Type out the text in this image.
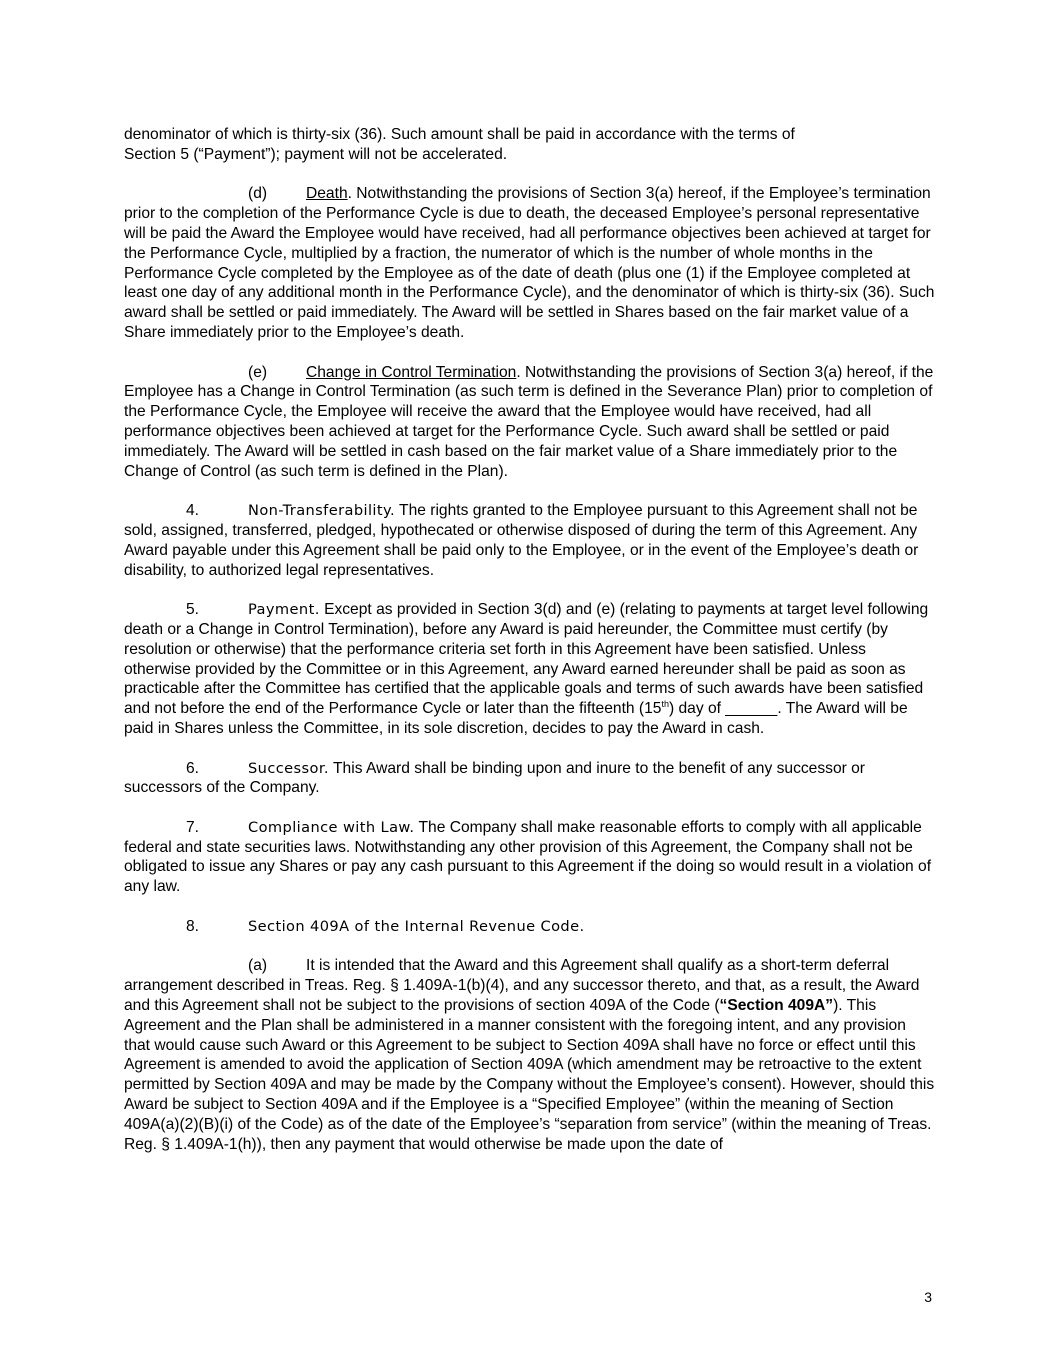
denominator of which is thirty-six (36). Such amount shall be paid in accordance with the terms of
Section 5 (“Payment”); payment will not be accelerated.

(d) Death. Notwithstanding the provisions of Section 3(a) hereof, if the Employee’s termination prior to the completion of the Performance Cycle is due to death, the deceased Employee’s personal representative will be paid the Award the Employee would have received, had all performance objectives been achieved at target for the Performance Cycle, multiplied by a fraction, the numerator of which is the number of whole months in the Performance Cycle completed by the Employee as of the date of death (plus one (1) if the Employee completed at least one day of any additional month in the Performance Cycle), and the denominator of which is thirty-six (36). Such award shall be settled or paid immediately. The Award will be settled in Shares based on the fair market value of a Share immediately prior to the Employee’s death.

(e) Change in Control Termination. Notwithstanding the provisions of Section 3(a) hereof, if the Employee has a Change in Control Termination (as such term is defined in the Severance Plan) prior to completion of the Performance Cycle, the Employee will receive the award that the Employee would have received, had all performance objectives been achieved at target for the Performance Cycle. Such award shall be settled or paid immediately. The Award will be settled in cash based on the fair market value of a Share immediately prior to the Change of Control (as such term is defined in the Plan).

4.	Non-Transferability. The rights granted to the Employee pursuant to this Agreement shall not be sold, assigned, transferred, pledged, hypothecated or otherwise disposed of during the term of this Agreement. Any Award payable under this Agreement shall be paid only to the Employee, or in the event of the Employee’s death or disability, to authorized legal representatives.

5.	Payment. Except as provided in Section 3(d) and (e) (relating to payments at target level following death or a Change in Control Termination), before any Award is paid hereunder, the Committee must certify (by resolution or otherwise) that the performance criteria set forth in this Agreement have been satisfied. Unless otherwise provided by the Committee or in this Agreement, any Award earned hereunder shall be paid as soon as practicable after the Committee has certified that the applicable goals and terms of such awards have been satisfied and not before the end of the Performance Cycle or later than the fifteenth (15th) day of ______. The Award will be paid in Shares unless the Committee, in its sole discretion, decides to pay the Award in cash.

6.	Successor. This Award shall be binding upon and inure to the benefit of any successor or successors of the Company.

7.	Compliance with Law. The Company shall make reasonable efforts to comply with all applicable federal and state securities laws. Notwithstanding any other provision of this Agreement, the Company shall not be obligated to issue any Shares or pay any cash pursuant to this Agreement if the doing so would result in a violation of any law.

8.	Section 409A of the Internal Revenue Code.

(a) It is intended that the Award and this Agreement shall qualify as a short-term deferral arrangement described in Treas. Reg. § 1.409A-1(b)(4), and any successor thereto, and that, as a result, the Award and this Agreement shall not be subject to the provisions of section 409A of the Code (“Section 409A”). This Agreement and the Plan shall be administered in a manner consistent with the foregoing intent, and any provision that would cause such Award or this Agreement to be subject to Section 409A shall have no force or effect until this Agreement is amended to avoid the application of Section 409A (which amendment may be retroactive to the extent permitted by Section 409A and may be made by the Company without the Employee’s consent). However, should this Award be subject to Section 409A and if the Employee is a “Specified Employee” (within the meaning of Section 409A(a)(2)(B)(i) of the Code) as of the date of the Employee’s “separation from service” (within the meaning of Treas. Reg. § 1.409A-1(h)), then any payment that would otherwise be made upon the date of

3
